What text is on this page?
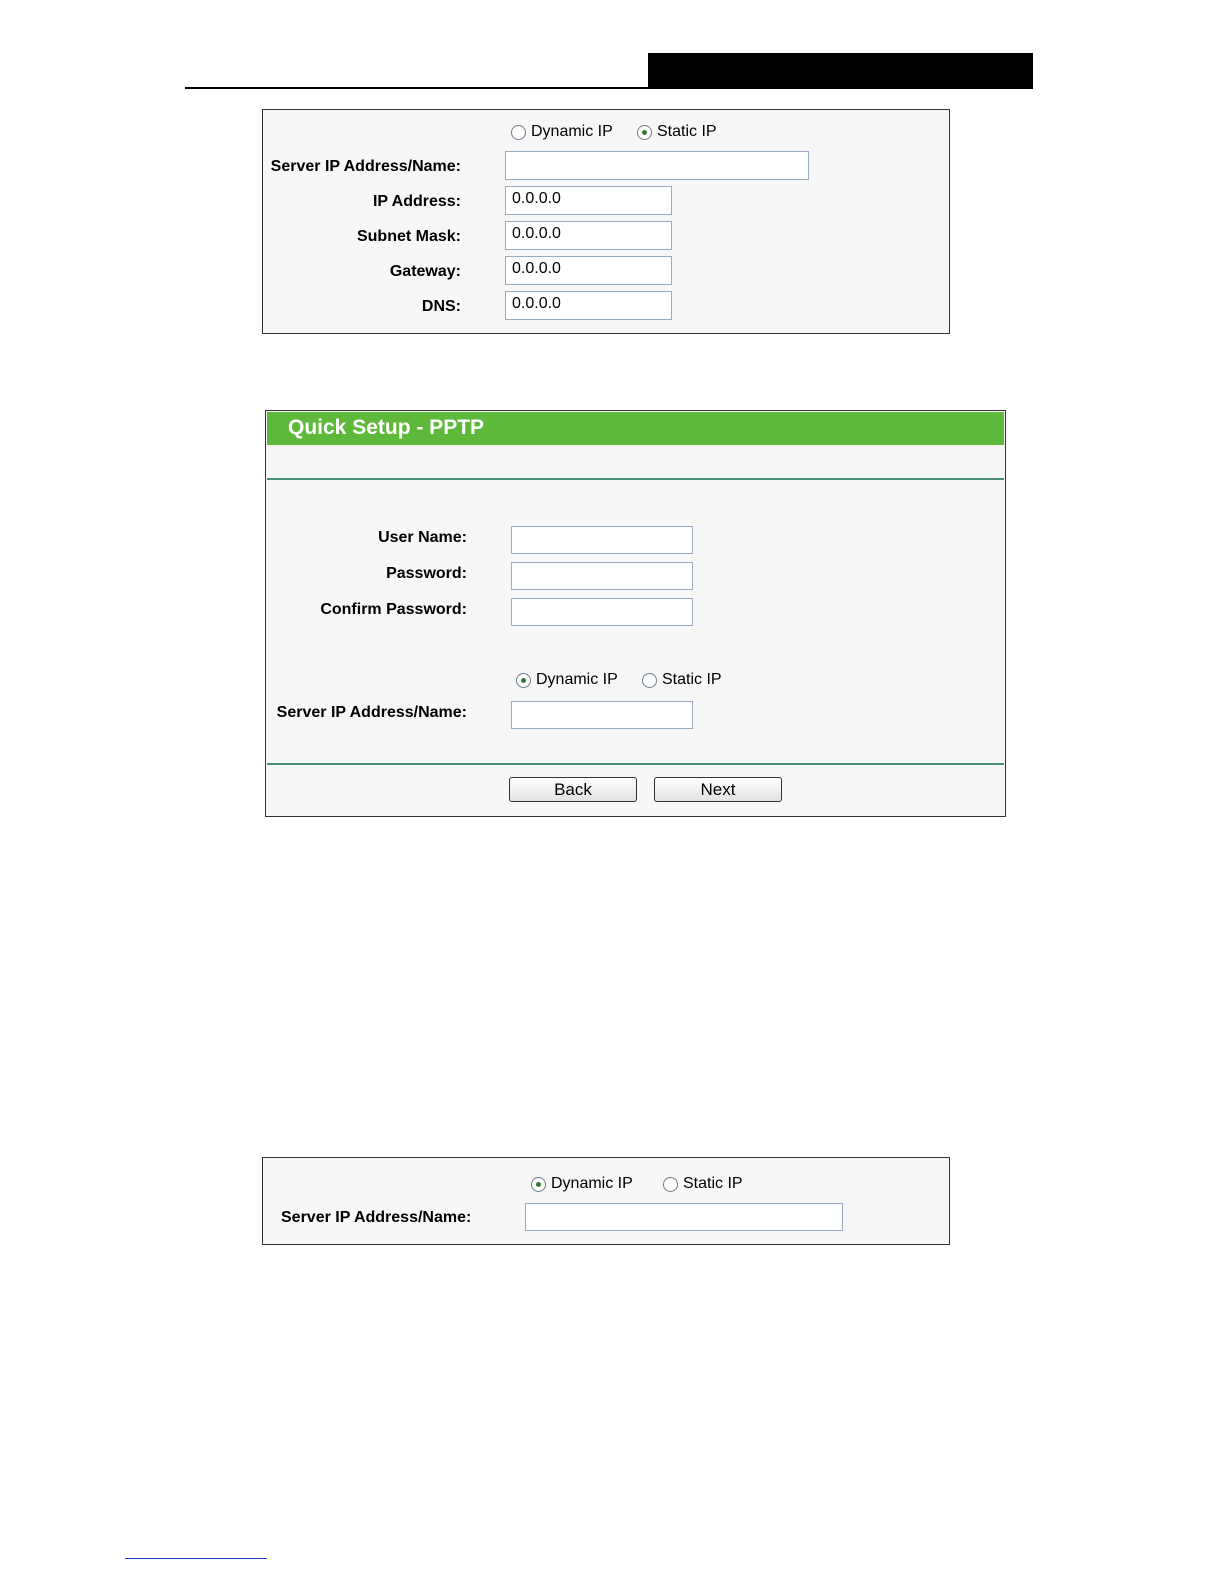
Dynamic IP	Static IP
Server IP Address/Name:
IP Address:	0.0.0.0
Subnet Mask:	0.0.0.0
Gateway:	0.0.0.0
DNS:	0.0.0.0
Quick Setup - PPTP
User Name:
Password:
Confirm Password:
Dynamic IP	Static IP
Server IP Address/Name:
Back	Next
Dynamic IP	Static IP
Server IP Address/Name:
